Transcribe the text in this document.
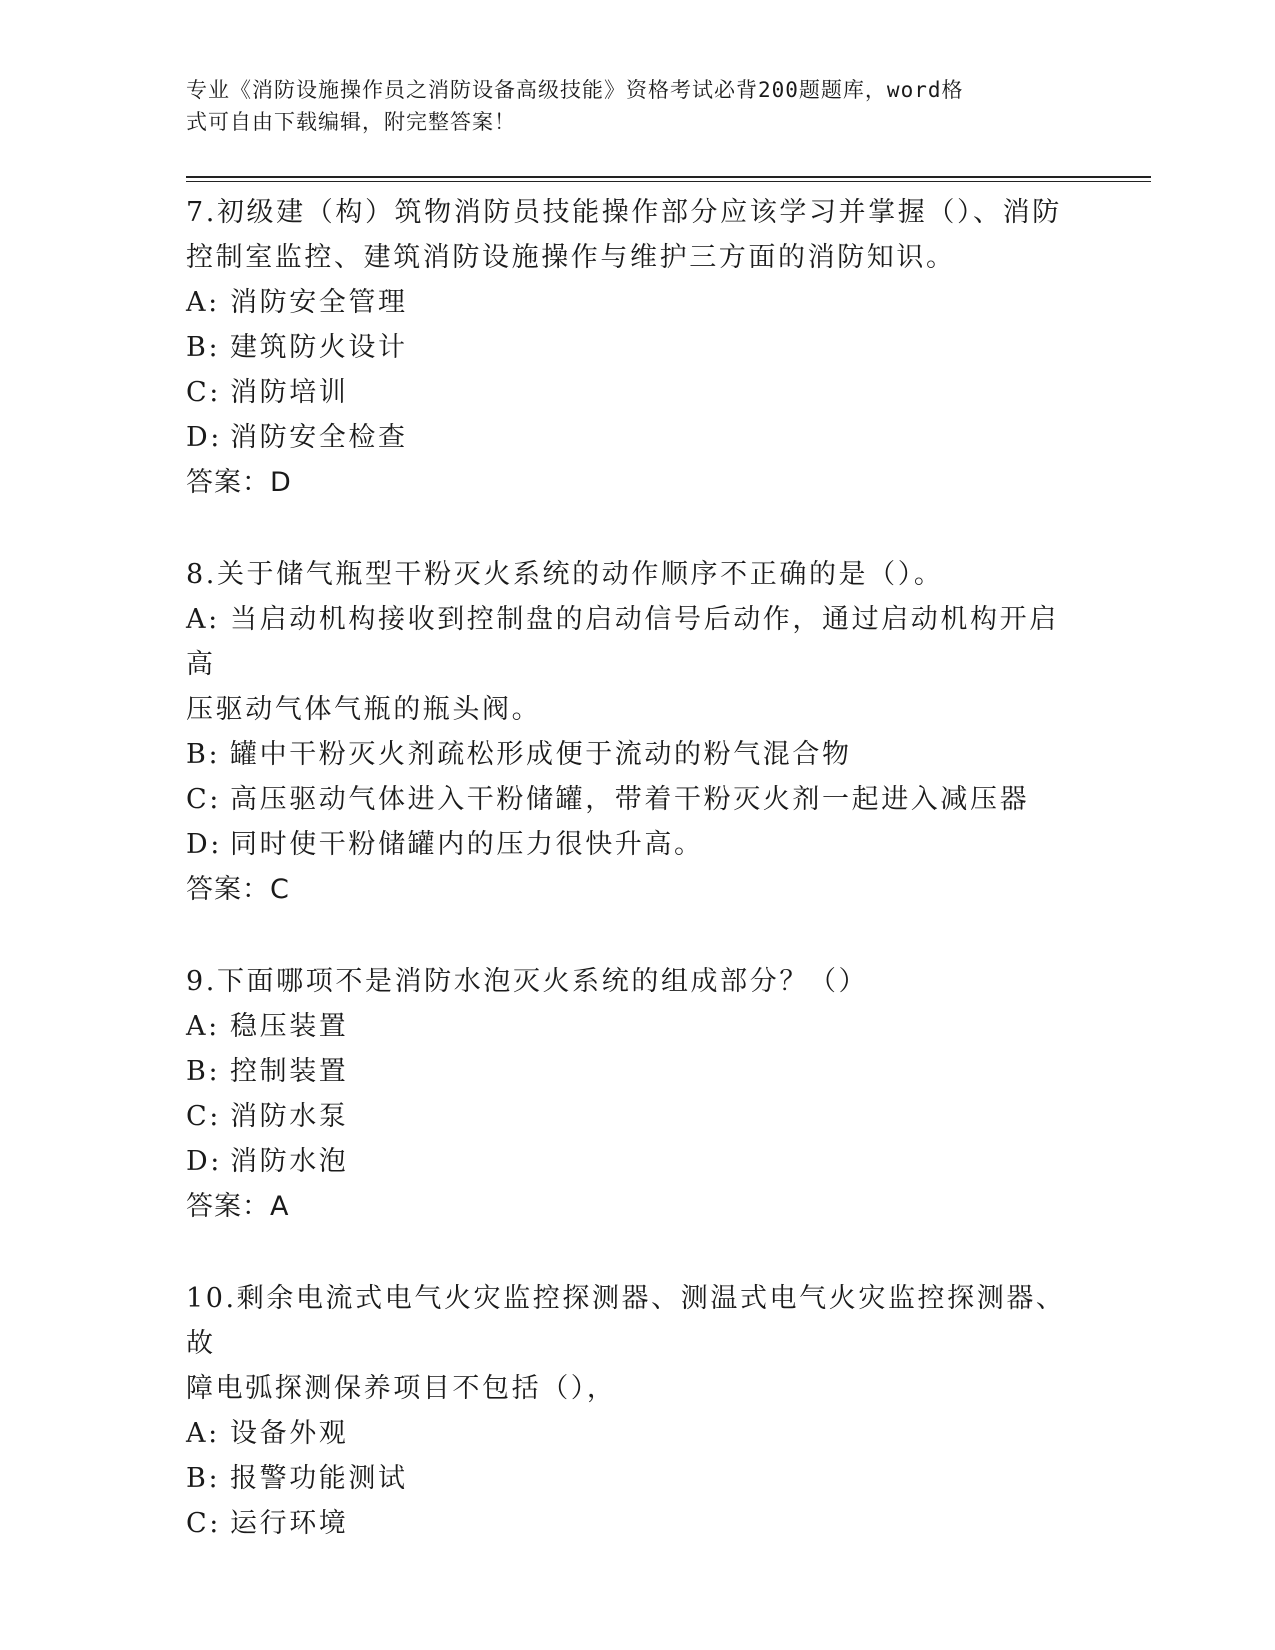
专业《消防设施操作员之消防设备高级技能》资格考试必背200题题库，word格
式可自由下载编辑，附完整答案！
7.初级建（构）筑物消防员技能操作部分应该学习并掌握（）、消防
控制室监控、建筑消防设施操作与维护三方面的消防知识。
A: 消防安全管理
B: 建筑防火设计
C: 消防培训
D: 消防安全检查
答案：D
8.关于储气瓶型干粉灭火系统的动作顺序不正确的是（）。
A: 当启动机构接收到控制盘的启动信号后动作，通过启动机构开启高
压驱动气体气瓶的瓶头阀。
B: 罐中干粉灭火剂疏松形成便于流动的粉气混合物
C: 高压驱动气体进入干粉储罐，带着干粉灭火剂一起进入减压器
D: 同时使干粉储罐内的压力很快升高。
答案：C
9.下面哪项不是消防水泡灭火系统的组成部分？（）
A: 稳压装置
B: 控制装置
C: 消防水泵
D: 消防水泡
答案：A
10.剩余电流式电气火灾监控探测器、测温式电气火灾监控探测器、故
障电弧探测保养项目不包括（），
A: 设备外观
B: 报警功能测试
C: 运行环境
